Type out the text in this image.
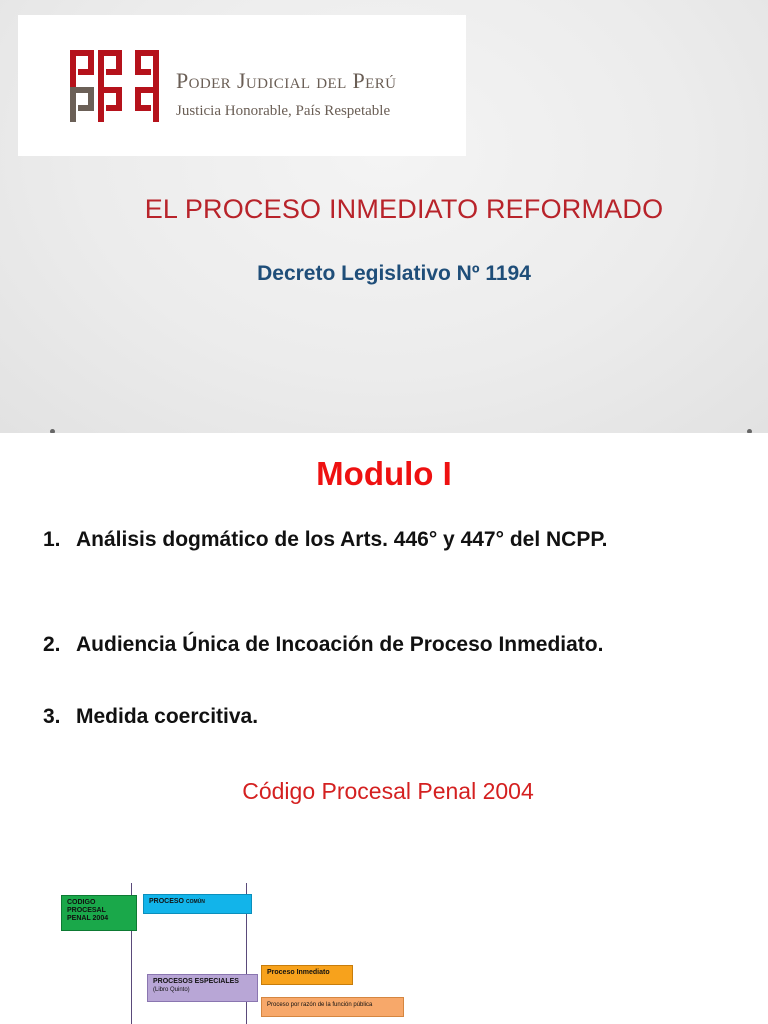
Poder Judicial del Perú

Justicia Honorable, País Respetable

EL PROCESO INMEDIATO REFORMADO
Decreto Legislativo Nº 1194
Modulo I

1. Análisis dogmático de los Arts. 446° y 447° del NCPP.

2. Audiencia Única de Incoación de Proceso Inmediato.

3. Medida coercitiva.

Código Procesal Penal 2004

CODIGO PROCESAL PENAL 2004
PROCESO COMÚN
PROCESOS ESPECIALES
(Libro Quinto)
Proceso Inmediato
Proceso por razón de la función pública
